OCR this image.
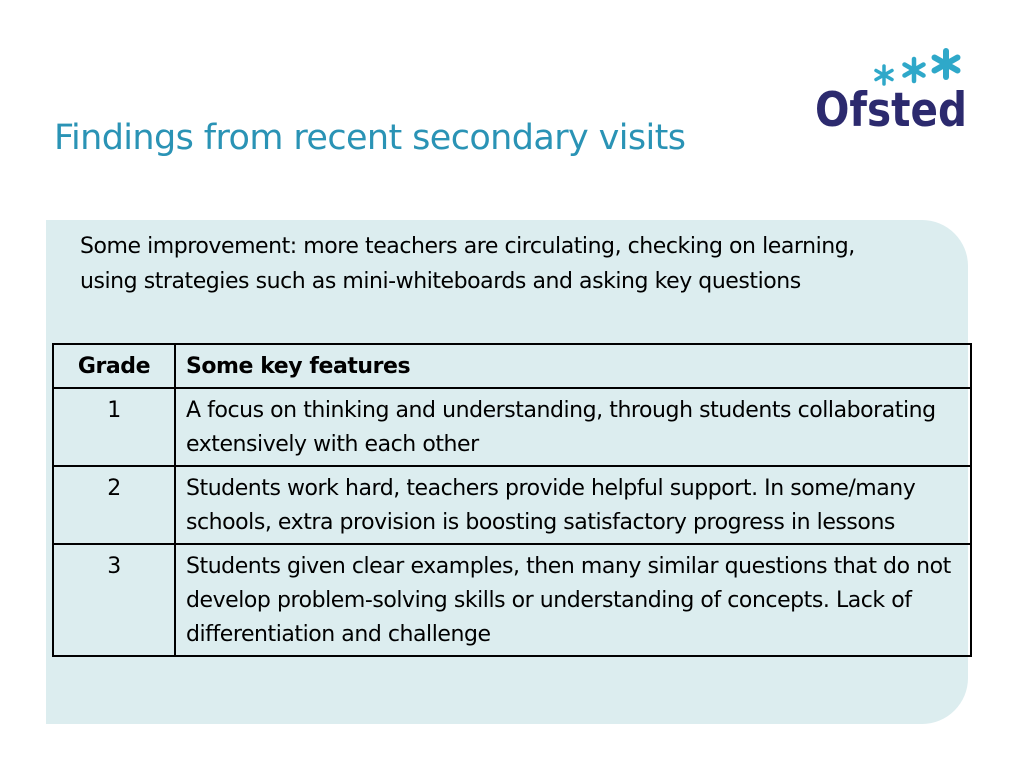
Findings from recent secondary visits	Ofsted

Some improvement: more teachers are circulating, checking on learning, using strategies such as mini-whiteboards and asking key questions

Grade	Some key features
1	A focus on thinking and understanding, through students collaborating extensively with each other
2	Students work hard, teachers provide helpful support. In some/many schools, extra provision is boosting satisfactory progress in lessons
3	Students given clear examples, then many similar questions that do not develop problem-solving skills or understanding of concepts. Lack of differentiation and challenge
